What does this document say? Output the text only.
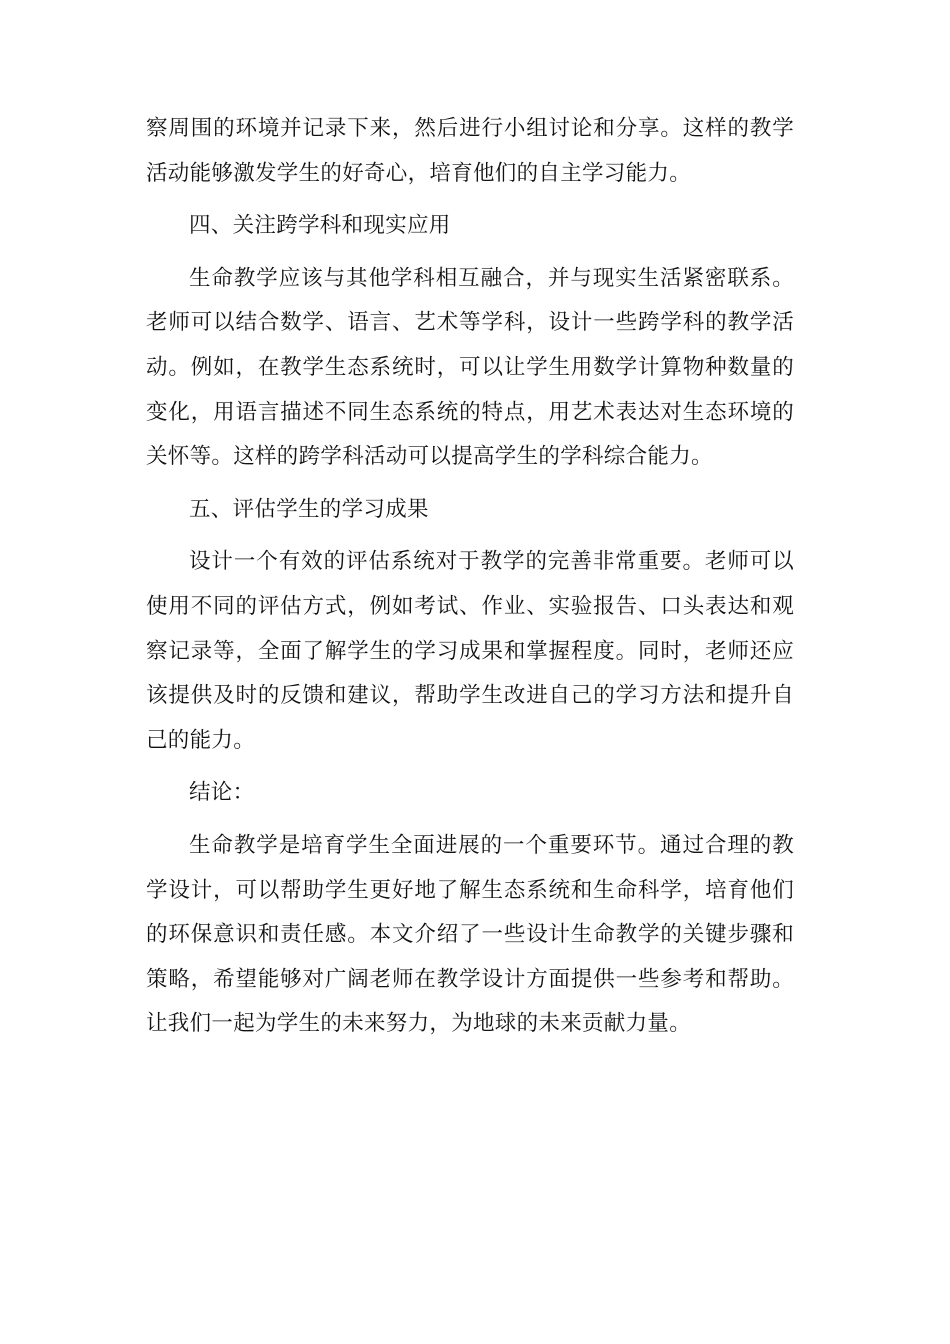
察周围的环境并记录下来，然后进行小组讨论和分享。这样的教学活动能够激发学生的好奇心，培育他们的自主学习能力。

四、关注跨学科和现实应用

生命教学应该与其他学科相互融合，并与现实生活紧密联系。老师可以结合数学、语言、艺术等学科，设计一些跨学科的教学活动。例如，在教学生态系统时，可以让学生用数学计算物种数量的变化，用语言描述不同生态系统的特点，用艺术表达对生态环境的关怀等。这样的跨学科活动可以提高学生的学科综合能力。

五、评估学生的学习成果

设计一个有效的评估系统对于教学的完善非常重要。老师可以使用不同的评估方式，例如考试、作业、实验报告、口头表达和观察记录等，全面了解学生的学习成果和掌握程度。同时，老师还应该提供及时的反馈和建议，帮助学生改进自己的学习方法和提升自己的能力。

结论：

生命教学是培育学生全面进展的一个重要环节。通过合理的教学设计，可以帮助学生更好地了解生态系统和生命科学，培育他们的环保意识和责任感。本文介绍了一些设计生命教学的关键步骤和策略，希望能够对广阔老师在教学设计方面提供一些参考和帮助。让我们一起为学生的未来努力，为地球的未来贡献力量。
